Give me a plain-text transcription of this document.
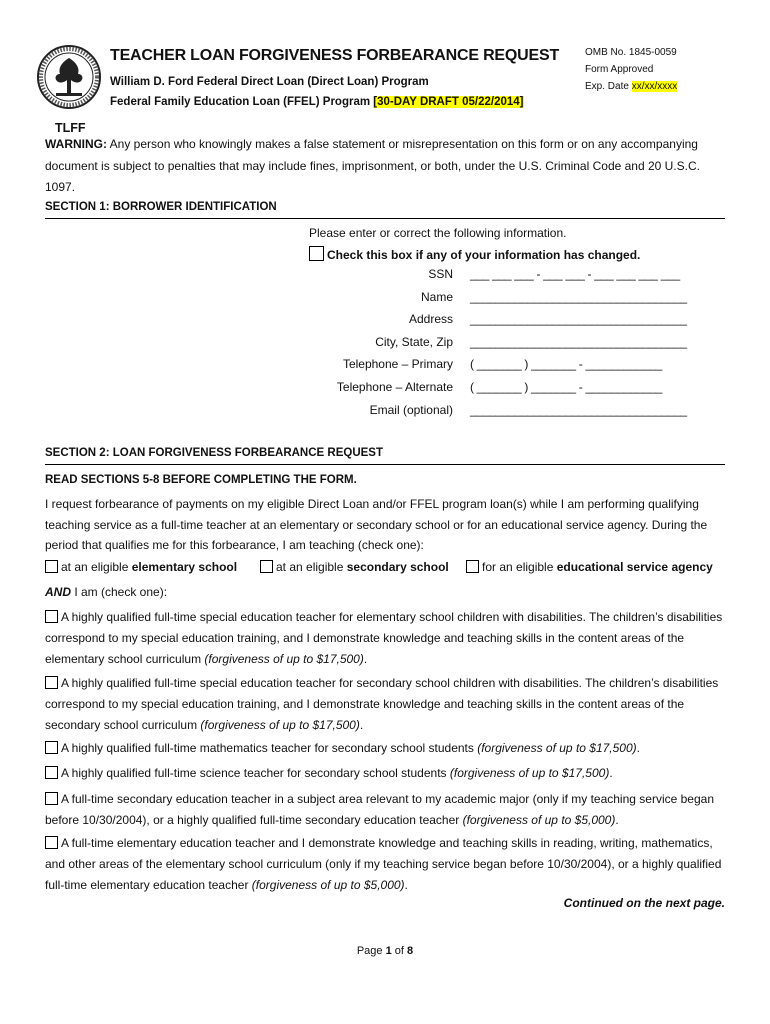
TEACHER LOAN FORGIVENESS FORBEARANCE REQUEST
William D. Ford Federal Direct Loan (Direct Loan) Program
Federal Family Education Loan (FFEL) Program [30-DAY DRAFT 05/22/2014]
OMB No. 1845-0059
Form Approved
Exp. Date xx/xx/xxxx
TLFF
WARNING: Any person who knowingly makes a false statement or misrepresentation on this form or on any accompanying document is subject to penalties that may include fines, imprisonment, or both, under the U.S. Criminal Code and 20 U.S.C. 1097.
SECTION 1: BORROWER IDENTIFICATION
Please enter or correct the following information.
Check this box if any of your information has changed.
SSN ___ ___ ___ - ___ ___ - ___ ___ ___ ___
Name __________________________________
Address __________________________________
City, State, Zip __________________________________
Telephone – Primary ( _______ ) _______ - ____________
Telephone – Alternate ( _______ ) _______ - ____________
Email (optional) __________________________________
SECTION 2: LOAN FORGIVENESS FORBEARANCE REQUEST
READ SECTIONS 5-8 BEFORE COMPLETING THE FORM.
I request forbearance of payments on my eligible Direct Loan and/or FFEL program loan(s) while I am performing qualifying teaching service as a full-time teacher at an elementary or secondary school or for an educational service agency. During the period that qualifies me for this forbearance, I am teaching (check one):
at an eligible elementary school	at an eligible secondary school	for an eligible educational service agency
AND I am (check one):
A highly qualified full-time special education teacher for elementary school children with disabilities. The children’s disabilities correspond to my special education training, and I demonstrate knowledge and teaching skills in the content areas of the elementary school curriculum (forgiveness of up to $17,500).
A highly qualified full-time special education teacher for secondary school children with disabilities. The children’s disabilities correspond to my special education training, and I demonstrate knowledge and teaching skills in the content areas of the secondary school curriculum (forgiveness of up to $17,500).
A highly qualified full-time mathematics teacher for secondary school students (forgiveness of up to $17,500).
A highly qualified full-time science teacher for secondary school students (forgiveness of up to $17,500).
A full-time secondary education teacher in a subject area relevant to my academic major (only if my teaching service began before 10/30/2004), or a highly qualified full-time secondary education teacher (forgiveness of up to $5,000).
A full-time elementary education teacher and I demonstrate knowledge and teaching skills in reading, writing, mathematics, and other areas of the elementary school curriculum (only if my teaching service began before 10/30/2004), or a highly qualified full-time elementary education teacher (forgiveness of up to $5,000).
Continued on the next page.
Page 1 of 8
